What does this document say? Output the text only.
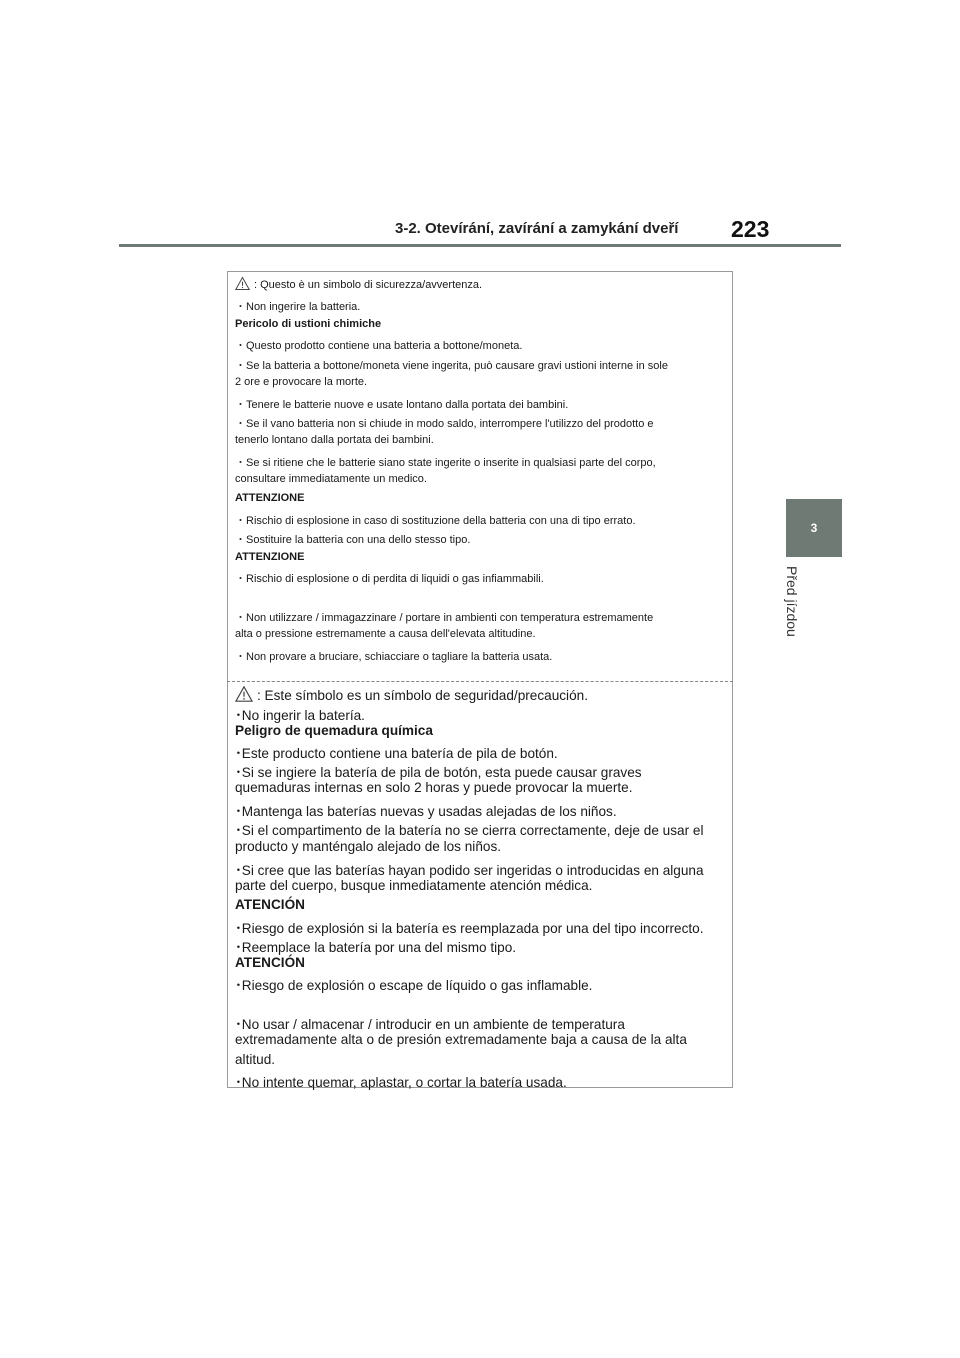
3-2. Otevírání, zavírání a zamykání dveří 223
3
Před jízdou
: Questo è un simbolo di sicurezza/avvertenza.
・Non ingerire la batteria.
Pericolo di ustioni chimiche
・Questo prodotto contiene una batteria a bottone/moneta.
・Se la batteria a bottone/moneta viene ingerita, può causare gravi ustioni interne in sole
2 ore e provocare la morte.
・Tenere le batterie nuove e usate lontano dalla portata dei bambini.
・Se il vano batteria non si chiude in modo saldo, interrompere l'utilizzo del prodotto e
tenerlo lontano dalla portata dei bambini.
・Se si ritiene che le batterie siano state ingerite o inserite in qualsiasi parte del corpo,
consultare immediatamente un medico.
ATTENZIONE
・Rischio di esplosione in caso di sostituzione della batteria con una di tipo errato.
・Sostituire la batteria con una dello stesso tipo.
ATTENZIONE
・Rischio di esplosione o di perdita di liquidi o gas infiammabili.
・Non utilizzare / immagazzinare / portare in ambienti con temperatura estremamente
alta o pressione estremamente a causa dell'elevata altitudine.
・Non provare a bruciare, schiacciare o tagliare la batteria usata.
: Este símbolo es un símbolo de seguridad/precaución.
･No ingerir la batería.
Peligro de quemadura química
･Este producto contiene una batería de pila de botón.
･Si se ingiere la batería de pila de botón, esta puede causar graves
quemaduras internas en solo 2 horas y puede provocar la muerte.
･Mantenga las baterías nuevas y usadas alejadas de los niños.
･Si el compartimento de la batería no se cierra correctamente, deje de usar el
producto y manténgalo alejado de los niños.
･Si cree que las baterías hayan podido ser ingeridas o introducidas en alguna
parte del cuerpo, busque inmediatamente atención médica.
ATENCIÓN
･Riesgo de explosión si la batería es reemplazada por una del tipo incorrecto.
･Reemplace la batería por una del mismo tipo.
ATENCIÓN
･Riesgo de explosión o escape de líquido o gas inflamable.
･No usar / almacenar / introducir en un ambiente de temperatura
extremadamente alta o de presión extremadamente baja a causa de la alta
altitud.
･No intente quemar, aplastar, o cortar la batería usada.
